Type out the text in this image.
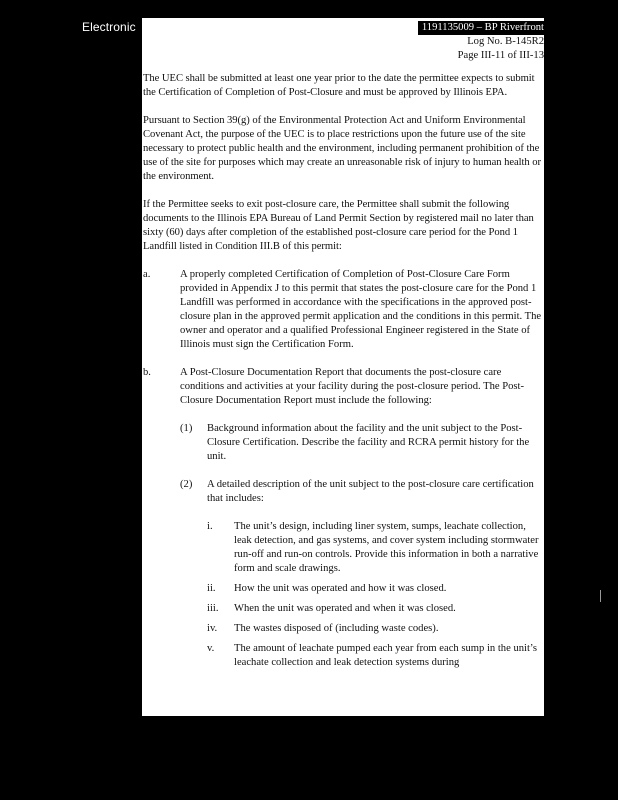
Electronic	1191135009 – BP Riverfront
Log No. B-145R2
Page III-11 of III-13

The UEC shall be submitted at least one year prior to the date the permittee expects to submit the Certification of Completion of Post-Closure and must be approved by Illinois EPA.

Pursuant to Section 39(g) of the Environmental Protection Act and Uniform Environmental Covenant Act, the purpose of the UEC is to place restrictions upon the future use of the site necessary to protect public health and the environment, including permanent prohibition of the use of the site for purposes which may create an unreasonable risk of injury to human health or the environment.

If the Permittee seeks to exit post-closure care, the Permittee shall submit the following documents to the Illinois EPA Bureau of Land Permit Section by registered mail no later than sixty (60) days after completion of the established post-closure care period for the Pond 1 Landfill listed in Condition III.B of this permit:

a.	A properly completed Certification of Completion of Post-Closure Care Form provided in Appendix J to this permit that states the post-closure care for the Pond 1 Landfill was performed in accordance with the specifications in the approved post-closure plan in the approved permit application and the conditions in this permit. The owner and operator and a qualified Professional Engineer registered in the State of Illinois must sign the Certification Form.
b.	A Post-Closure Documentation Report that documents the post-closure care conditions and activities at your facility during the post-closure period. The Post-Closure Documentation Report must include the following:
(1) Background information about the facility and the unit subject to the Post-Closure Certification. Describe the facility and RCRA permit history for the unit.
(2) A detailed description of the unit subject to the post-closure care certification that includes:
i. The unit’s design, including liner system, sumps, leachate collection, leak detection, and gas systems, and cover system including stormwater run-off and run-on controls. Provide this information in both a narrative form and scale drawings.
ii. How the unit was operated and how it was closed.
iii. When the unit was operated and when it was closed.
iv. The wastes disposed of (including waste codes).
v. The amount of leachate pumped each year from each sump in the unit’s leachate collection and leak detection systems during
